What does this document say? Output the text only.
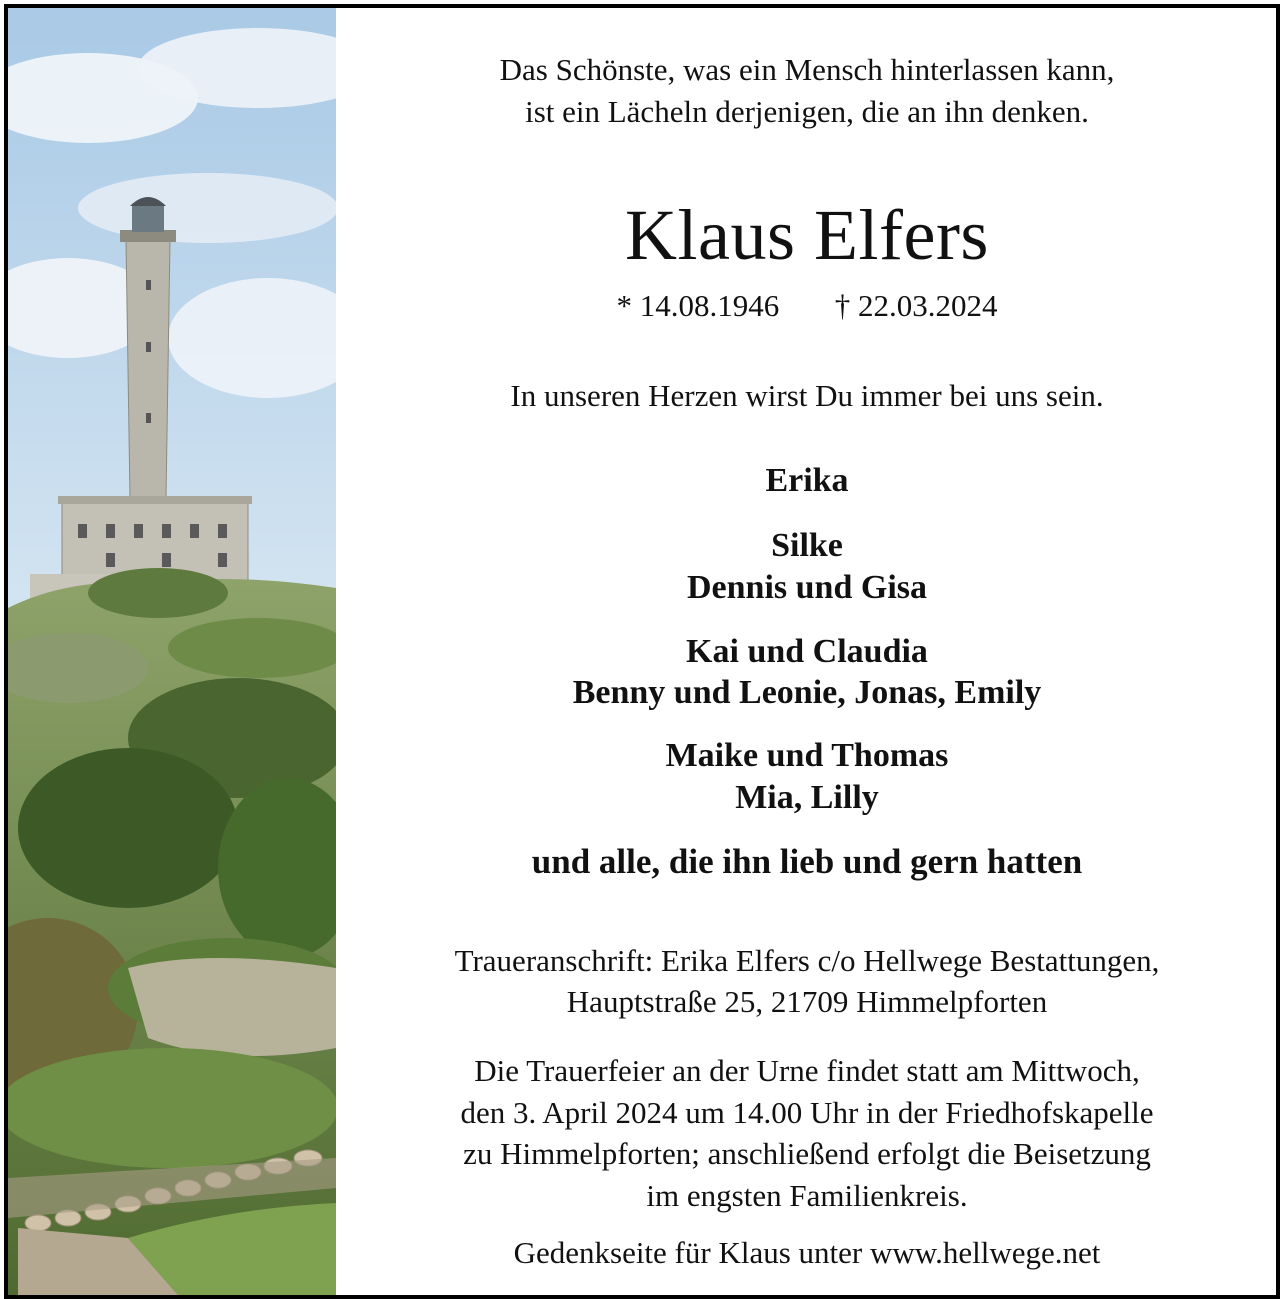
Das Schönste, was ein Mensch hinterlassen kann,
ist ein Lächeln derjenigen, die an ihn denken.
Klaus Elfers
* 14.08.1946 † 22.03.2024
In unseren Herzen wirst Du immer bei uns sein.
Erika
Silke
Dennis und Gisa
Kai und Claudia
Benny und Leonie, Jonas, Emily
Maike und Thomas
Mia, Lilly
und alle, die ihn lieb und gern hatten
Traueranschrift: Erika Elfers c/o Hellwege Bestattungen,
Hauptstraße 25, 21709 Himmelpforten
Die Trauerfeier an der Urne findet statt am Mittwoch,
den 3. April 2024 um 14.00 Uhr in der Friedhofskapelle
zu Himmelpforten; anschließend erfolgt die Beisetzung
im engsten Familienkreis.
Gedenkseite für Klaus unter www.hellwege.net
